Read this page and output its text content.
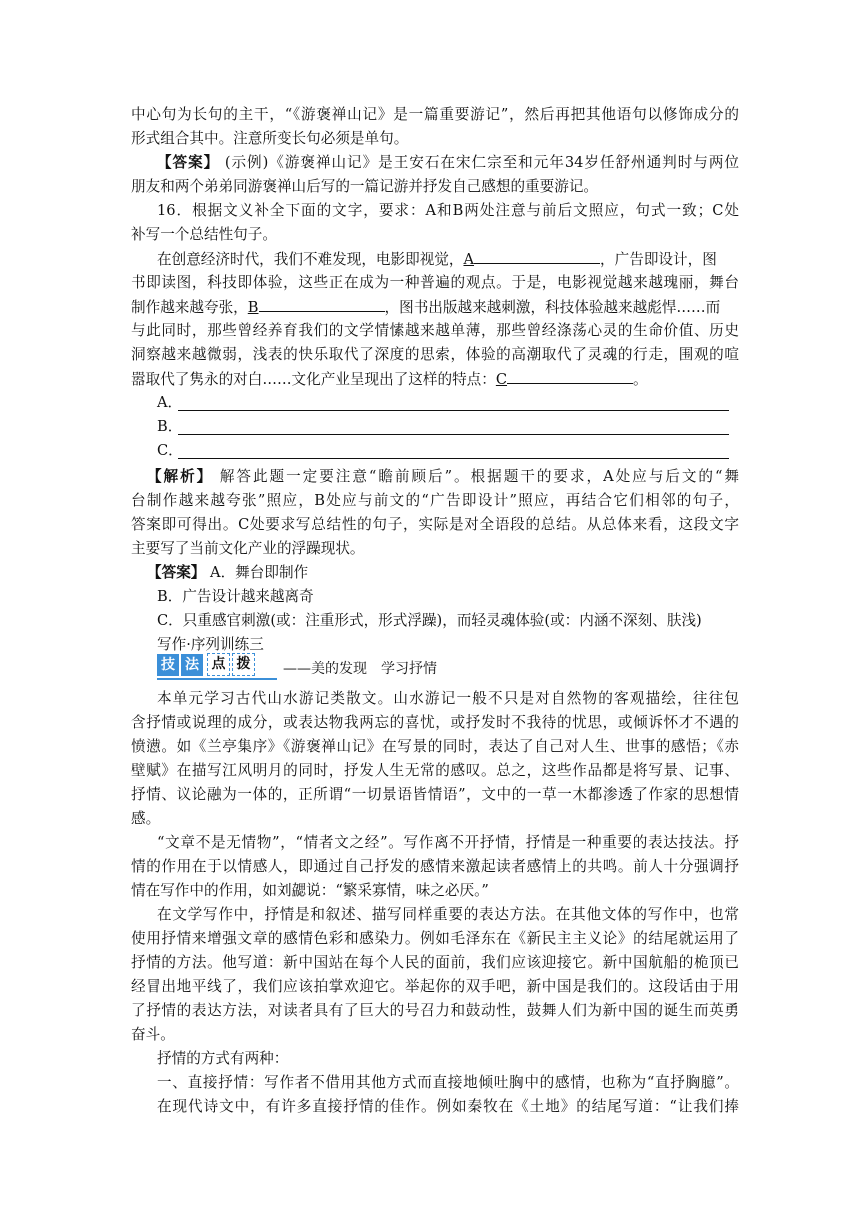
中心句为长句的主干，“《游褒禅山记》是一篇重要游记”，然后再把其他语句以修饰成分的
形式组合其中。注意所变长句必须是单句。
【答案】 (示例)《游褒禅山记》是王安石在宋仁宗至和元年34岁任舒州通判时与两位
朋友和两个弟弟同游褒禅山后写的一篇记游并抒发自己感想的重要游记。
16．根据文义补全下面的文字，要求：A和B两处注意与前后文照应，句式一致；C处
补写一个总结性句子。
在创意经济时代，我们不难发现，电影即视觉，A	，广告即设计，图
书即读图，科技即体验，这些正在成为一种普遍的观点。于是，电影视觉越来越瑰丽，舞台
制作越来越夸张，B	，图书出版越来越刺激，科技体验越来越彪悍……而
与此同时，那些曾经养育我们的文学情愫越来越单薄，那些曾经涤荡心灵的生命价值、历史
洞察越来越微弱，浅表的快乐取代了深度的思索，体验的高潮取代了灵魂的行走，围观的喧
嚣取代了隽永的对白……文化产业呈现出了这样的特点：C	。
A．
B．
C．
【解析】 解答此题一定要注意“瞻前顾后”。根据题干的要求，A处应与后文的“舞
台制作越来越夸张”照应，B处应与前文的“广告即设计”照应，再结合它们相邻的句子，
答案即可得出。C处要求写总结性的句子，实际是对全语段的总结。从总体来看，这段文字
主要写了当前文化产业的浮躁现状。
【答案】 A．舞台即制作
B．广告设计越来越离奇
C．只重感官刺激(或：注重形式，形式浮躁)，而轻灵魂体验(或：内涵不深刻、肤浅)
写作·序列训练三
——美的发现　学习抒情
技 法 点 拨
本单元学习古代山水游记类散文。山水游记一般不只是对自然物的客观描绘，往往包
含抒情或说理的成分，或表达物我两忘的喜忧，或抒发时不我待的忧思，或倾诉怀才不遇的
愤懑。如《兰亭集序》《游褒禅山记》在写景的同时，表达了自己对人生、世事的感悟；《赤
壁赋》在描写江风明月的同时，抒发人生无常的感叹。总之，这些作品都是将写景、记事、
抒情、议论融为一体的，正所谓“一切景语皆情语”，文中的一草一木都渗透了作家的思想情
感。
“文章不是无情物”，“情者文之经”。写作离不开抒情，抒情是一种重要的表达技法。抒
情的作用在于以情感人，即通过自己抒发的感情来激起读者感情上的共鸣。前人十分强调抒
情在写作中的作用，如刘勰说：“繁采寡情，味之必厌。”
在文学写作中，抒情是和叙述、描写同样重要的表达方法。在其他文体的写作中，也常
使用抒情来增强文章的感情色彩和感染力。例如毛泽东在《新民主主义论》的结尾就运用了
抒情的方法。他写道：新中国站在每个人民的面前，我们应该迎接它。新中国航船的桅顶已
经冒出地平线了，我们应该拍掌欢迎它。举起你的双手吧，新中国是我们的。这段话由于用
了抒情的表达方法，对读者具有了巨大的号召力和鼓动性，鼓舞人们为新中国的诞生而英勇
奋斗。
抒情的方式有两种：
一、直接抒情：写作者不借用其他方式而直接地倾吐胸中的感情，也称为“直抒胸臆”。
在现代诗文中，有许多直接抒情的佳作。例如秦牧在《土地》的结尾写道：“让我们捧
